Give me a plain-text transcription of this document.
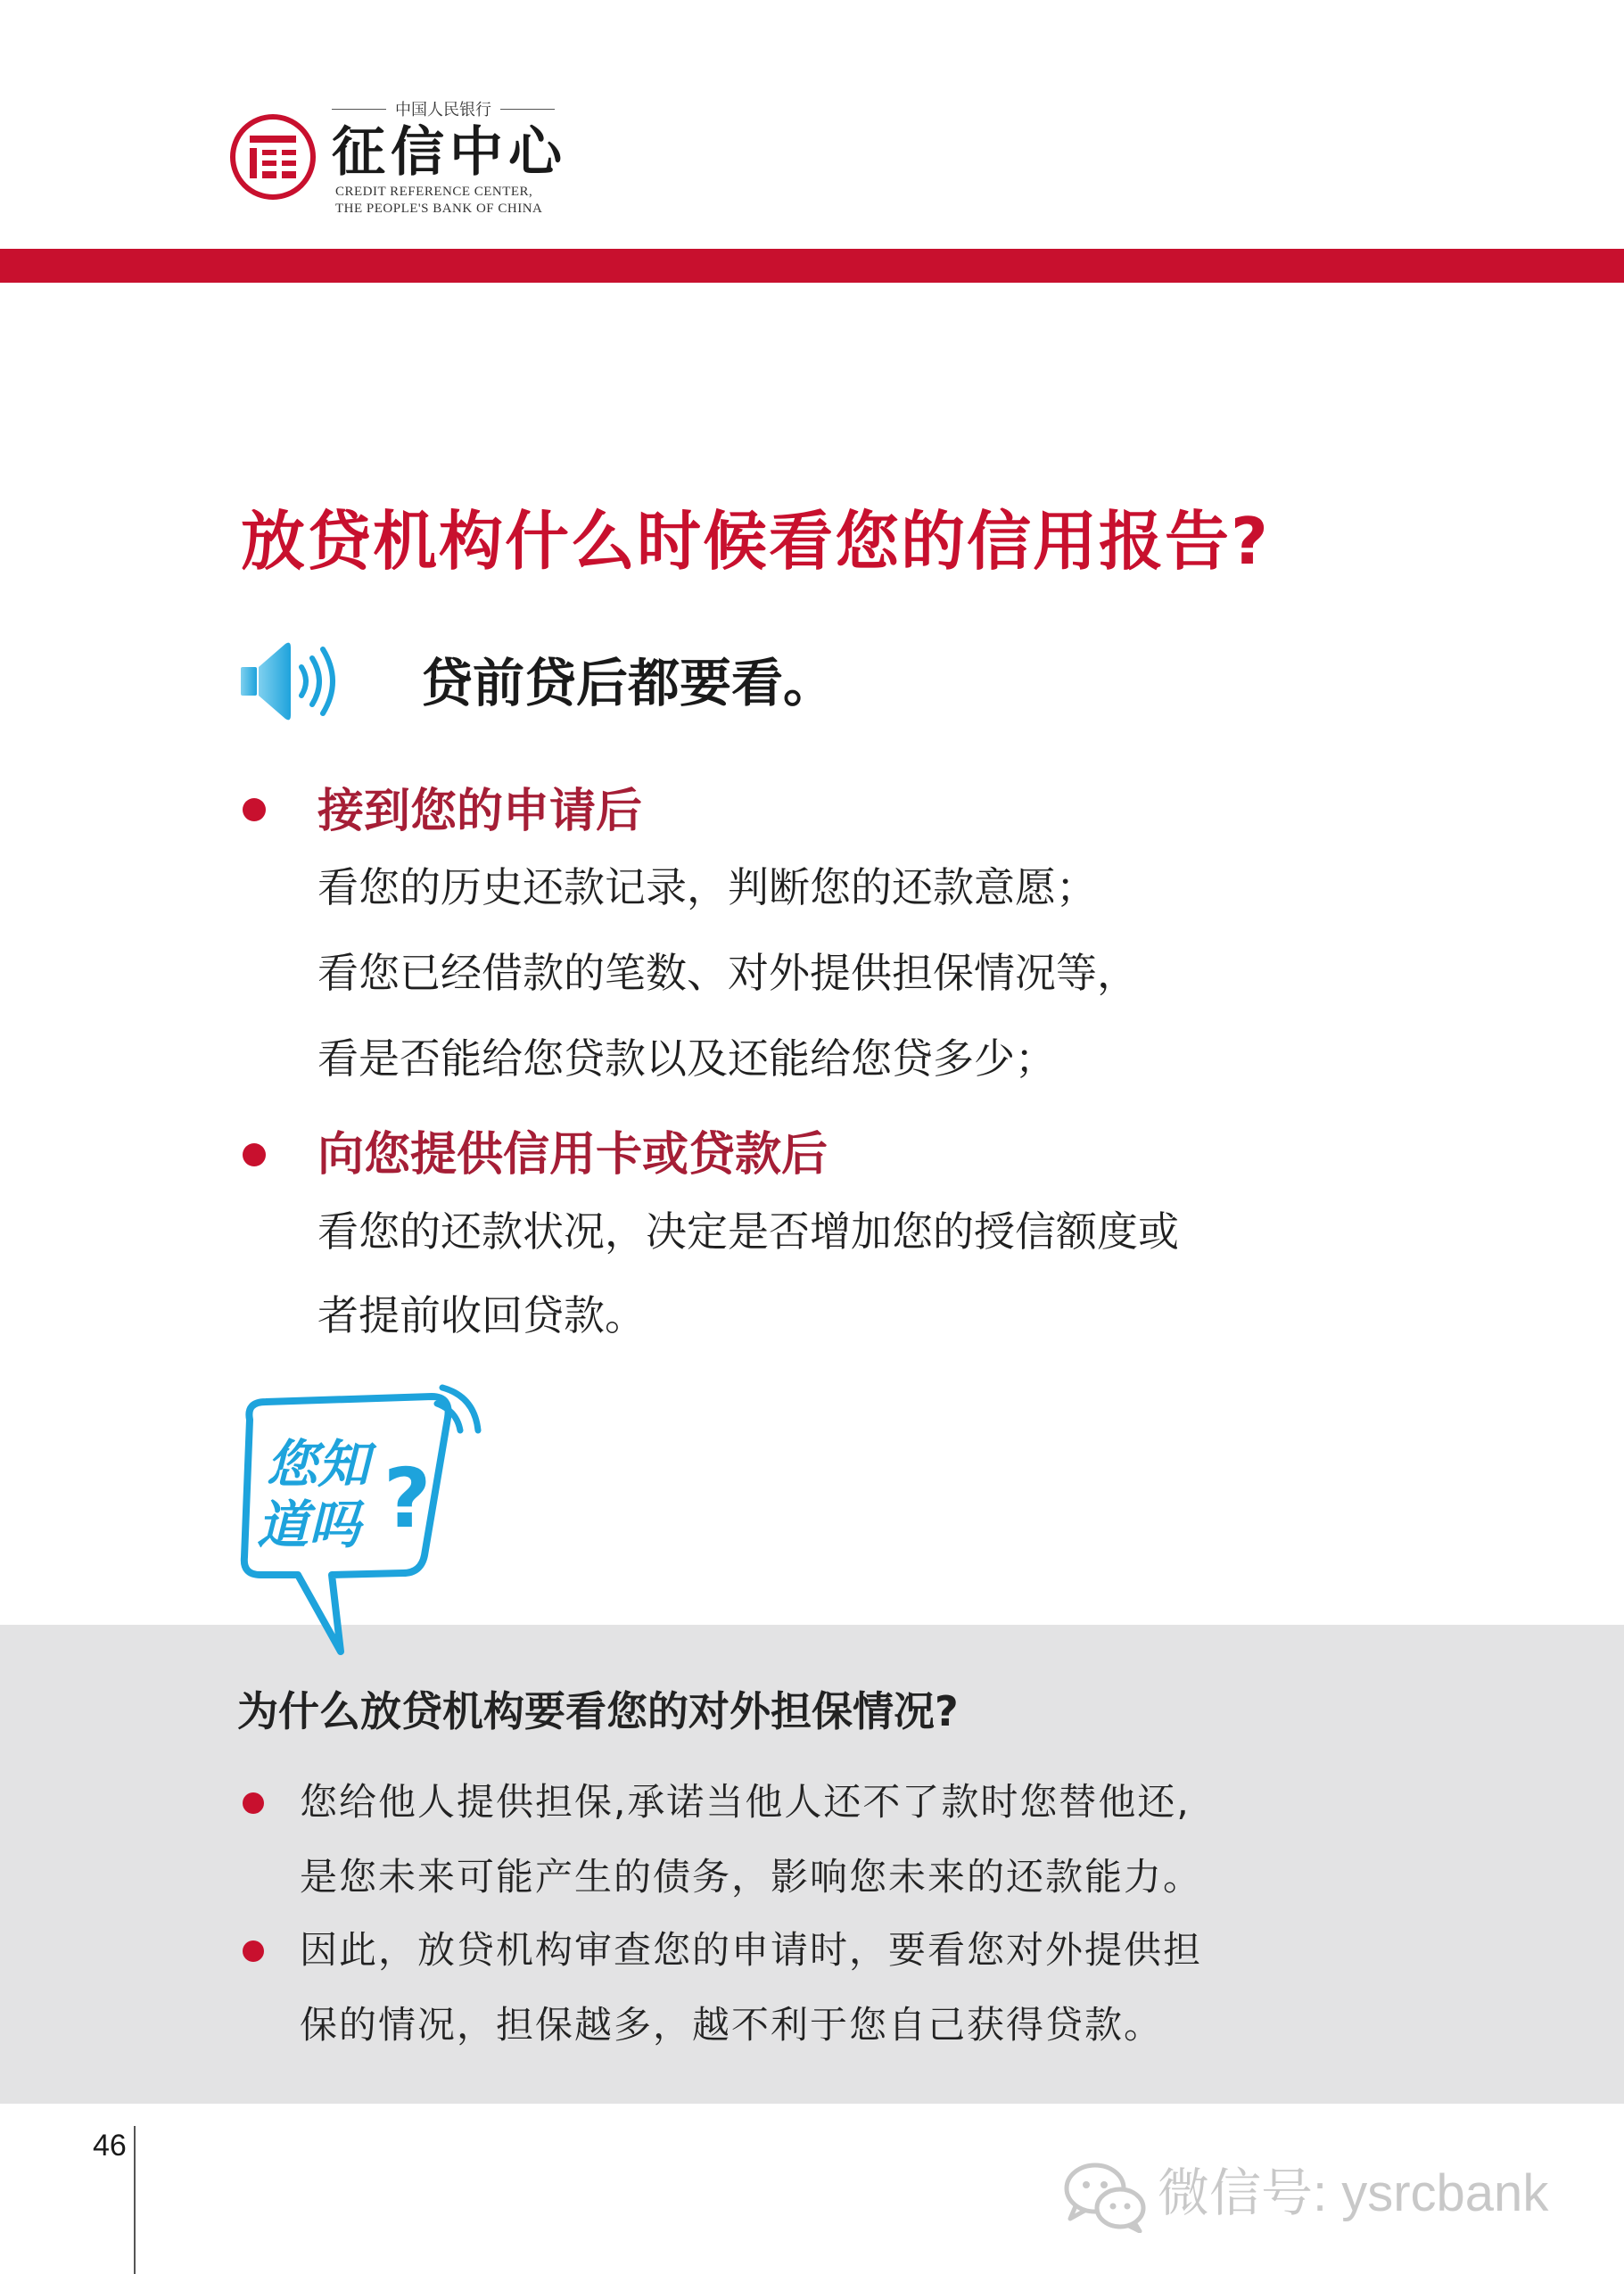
中国人民银行
征信中心
CREDIT REFERENCE CENTER,
THE PEOPLE'S BANK OF CHINA
放贷机构什么时候看您的信用报告?
贷前贷后都要看。
接到您的申请后
看您的历史还款记录，判断您的还款意愿；
看您已经借款的笔数、对外提供担保情况等，
看是否能给您贷款以及还能给您贷多少；
向您提供信用卡或贷款后
看您的还款状况，决定是否增加您的授信额度或
者提前收回贷款。
您知
道吗 ?
为什么放贷机构要看您的对外担保情况?
您给他人提供担保,承诺当他人还不了款时您替他还,
是您未来可能产生的债务，影响您未来的还款能力。
因此，放贷机构审查您的申请时，要看您对外提供担
保的情况，担保越多，越不利于您自己获得贷款。
46
微信号: ysrcbank
